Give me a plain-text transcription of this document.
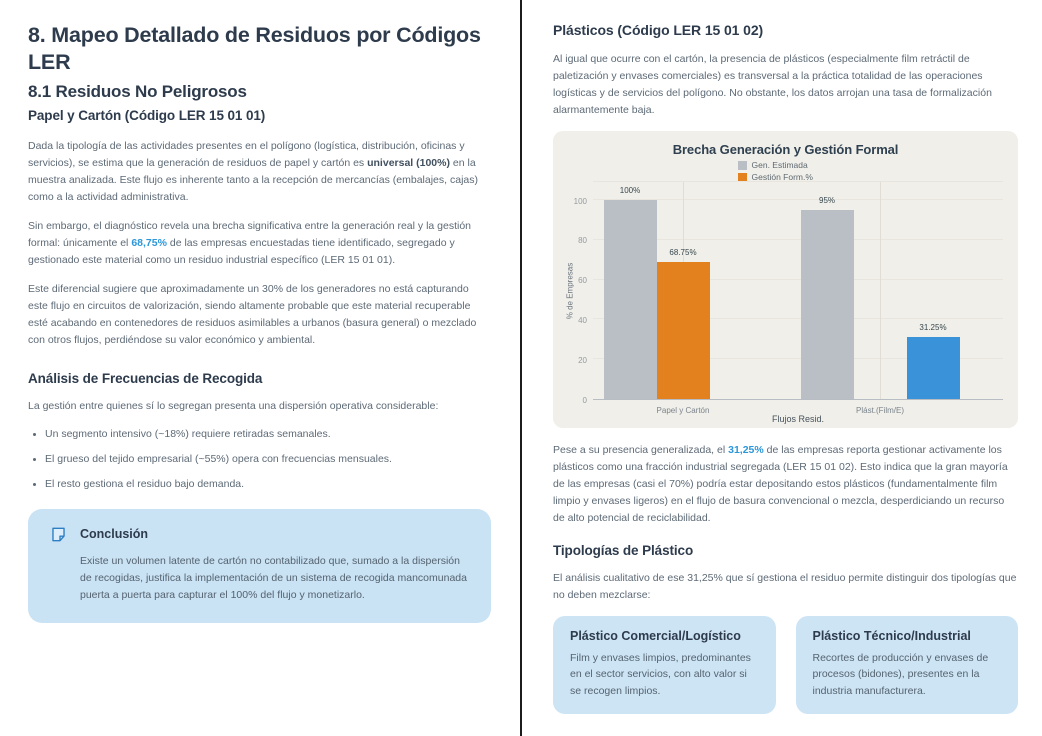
8. Mapeo Detallado de Residuos por Códigos LER
8.1 Residuos No Peligrosos
Papel y Cartón (Código LER 15 01 01)

Dada la tipología de las actividades presentes en el polígono (logística, distribución, oficinas y servicios), se estima que la generación de residuos de papel y cartón es universal (100%) en la muestra analizada. Este flujo es inherente tanto a la recepción de mercancías (embalajes, cajas) como a la actividad administrativa.

Sin embargo, el diagnóstico revela una brecha significativa entre la generación real y la gestión formal: únicamente el 68,75% de las empresas encuestadas tiene identificado, segregado y gestionado este material como un residuo industrial específico (LER 15 01 01).

Este diferencial sugiere que aproximadamente un 30% de los generadores no está capturando este flujo en circuitos de valorización, siendo altamente probable que este material recuperable esté acabando en contenedores de residuos asimilables a urbanos (basura general) o mezclado con otros flujos, perdiéndose su valor económico y ambiental.

Análisis de Frecuencias de Recogida

La gestión entre quienes sí lo segregan presenta una dispersión operativa considerable:

• Un segmento intensivo (~18%) requiere retiradas semanales.
• El grueso del tejido empresarial (~55%) opera con frecuencias mensuales.
• El resto gestiona el residuo bajo demanda.
Conclusión

Existe un volumen latente de cartón no contabilizado que, sumado a la dispersión de recogidas, justifica la implementación de un sistema de recogida mancomunada puerta a puerta para capturar el 100% del flujo y monetizarlo.

Plásticos (Código LER 15 01 02)

Al igual que ocurre con el cartón, la presencia de plásticos (especialmente film retráctil de paletización y envases comerciales) es transversal a la práctica totalidad de las operaciones logísticas y de servicios del polígono. No obstante, los datos arrojan una tasa de formalización alarmantemente baja.

Brecha Generación y Gestión Formal
Gen. Estimada
Gestión Form.%
% de Empresas
100%
68.75%
Papel y Cartón
95%
31.25%
Plást.(Film/E)
Flujos Resid.
0
20
40
60
80
100

Pese a su presencia generalizada, el 31,25% de las empresas reporta gestionar activamente los plásticos como una fracción industrial segregada (LER 15 01 02). Esto indica que la gran mayoría de las empresas (casi el 70%) podría estar depositando estos plásticos (fundamentalmente film limpio y envases ligeros) en el flujo de basura convencional o mezcla, desperdiciando un recurso de alto potencial de reciclabilidad.

Tipologías de Plástico

El análisis cualitativo de ese 31,25% que sí gestiona el residuo permite distinguir dos tipologías que no deben mezclarse:

Plástico Comercial/Logístico

Film y envases limpios, predominantes en el sector servicios, con alto valor si se recogen limpios.

Plástico Técnico/Industrial

Recortes de producción y envases de procesos (bidones), presentes en la industria manufacturera.
